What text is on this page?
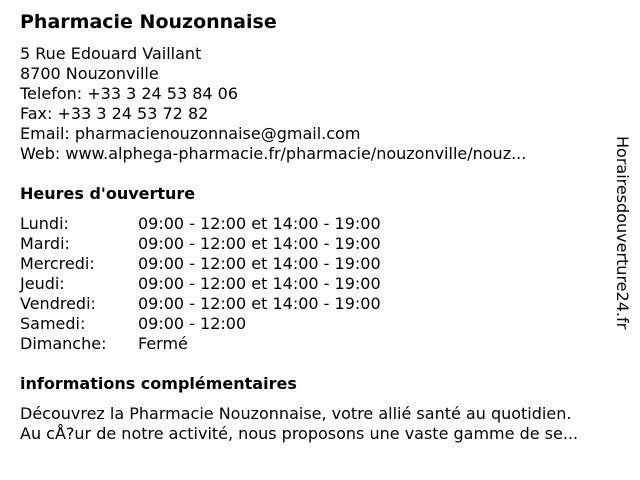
Pharmacie Nouzonnaise
5 Rue Edouard Vaillant
8700 Nouzonville
Telefon: +33 3 24 53 84 06
Fax: +33 3 24 53 72 82
Email: pharmacienouzonnaise@gmail.com
Web: www.alphega-pharmacie.fr/pharmacie/nouzonville/nouz...
Heures d'ouverture
Lundi:	09:00 - 12:00 et 14:00 - 19:00
Mardi:	09:00 - 12:00 et 14:00 - 19:00
Mercredi:	09:00 - 12:00 et 14:00 - 19:00
Jeudi:	09:00 - 12:00 et 14:00 - 19:00
Vendredi:	09:00 - 12:00 et 14:00 - 19:00
Samedi:	09:00 - 12:00
Dimanche: Fermé
informations complémentaires
Découvrez la Pharmacie Nouzonnaise, votre allié santé au quotidien.
Au cÅ?ur de notre activité, nous proposons une vaste gamme de se...
Horairesdouverture24.fr
